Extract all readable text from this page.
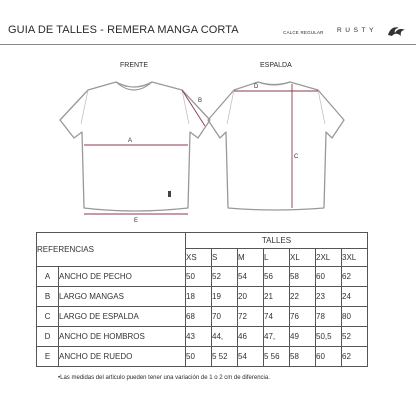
GUIA DE TALLES - REMERA MANGA CORTA	CALCE REGULAR RUSTY
FRENTE	ESPALDA
A
B
E
D
C
REFERENCIAS		TALLES						
		XS	S	M	L	XL	2XL	3XL
A	ANCHO DE PECHO	50	52	54	56	58	60	62
B	LARGO MANGAS	18	19	20	21	22	23	24
C	LARGO DE ESPALDA	68	70	72	74	76	78	80
D	ANCHO DE HOMBROS	43	44,	46	47,	49	50,5	52
E	ANCHO DE RUEDO	50	5 52	54	5 56	58	60	62
•Las medidas del articulo pueden tener una variación de 1 o 2 cm de diferencia.
